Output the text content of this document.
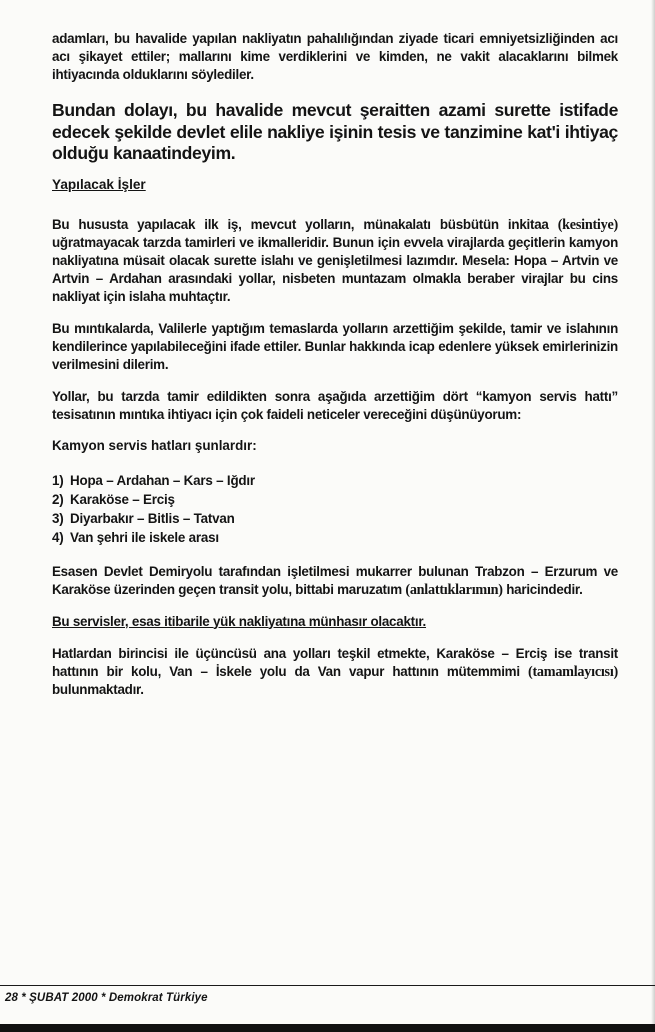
adamları, bu havalide yapılan nakliyatın pahalılığından ziyade ticari emniyetsizliğinden acı acı şikayet ettiler; mallarını kime verdiklerini ve kimden, ne vakit alacaklarını bilmek ihtiyacında olduklarını söylediler.

Bundan dolayı, bu havalide mevcut şeraitten azami surette istifade edecek şekilde devlet elile nakliye işinin tesis ve tanzimine kat'i ihtiyaç olduğu kanaatindeyim.

Yapılacak İşler

Bu hususta yapılacak ilk iş, mevcut yolların, münakalatı büsbütün inkitaa (kesintiye) uğratmayacak tarzda tamirleri ve ikmalleridir. Bunun için evvela virajlarda geçitlerin kamyon nakliyatına müsait olacak surette islahı ve genişletilmesi lazımdır. Mesela: Hopa – Artvin ve Artvin – Ardahan arasındaki yollar, nisbeten muntazam olmakla beraber virajlar bu cins nakliyat için islaha muhtaçtır.

Bu mıntıkalarda, Valilerle yaptığım temaslarda yolların arzettiğim şekilde, tamir ve islahının kendilerince yapılabileceğini ifade ettiler. Bunlar hakkında icap edenlere yüksek emirlerinizin verilmesini dilerim.

Yollar, bu tarzda tamir edildikten sonra aşağıda arzettiğim dört “kamyon servis hattı” tesisatının mıntıka ihtiyacı için çok faideli neticeler vereceğini düşünüyorum:

Kamyon servis hatları şunlardır:
1) Hopa – Ardahan – Kars – Iğdır
2) Karaköse – Erciş
3) Diyarbakır – Bitlis – Tatvan
4) Van şehri ile iskele arası

Esasen Devlet Demiryolu tarafından işletilmesi mukarrer bulunan Trabzon – Erzurum ve Karaköse üzerinden geçen transit yolu, bittabi maruzatım (anlattıklarımın) haricindedir.

Bu servisler, esas itibarile yük nakliyatına münhasır olacaktır.

Hatlardan birincisi ile üçüncüsü ana yolları teşkil etmekte, Karaköse – Erciş ise transit hattının bir kolu, Van – İskele yolu da Van vapur hattının mütemmimi (tamamlayıcısı) bulunmaktadır.

28 * ŞUBAT 2000 * Demokrat Türkiye
